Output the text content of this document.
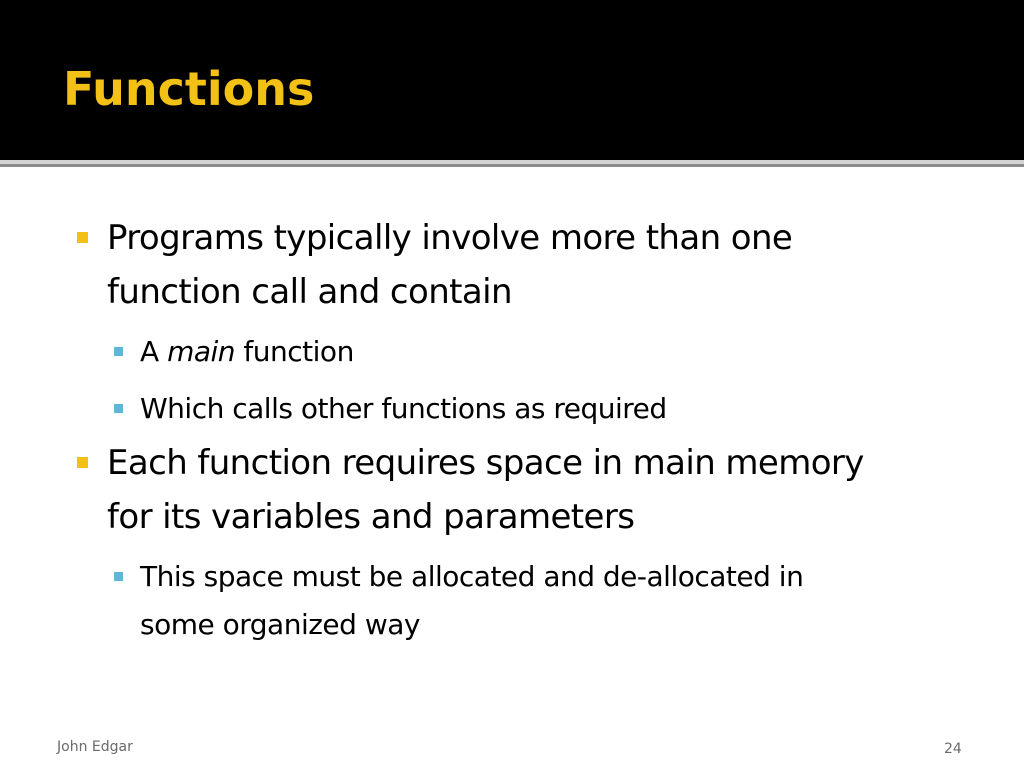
Functions
Programs typically involve more than one
function call and contain
A main function
Which calls other functions as required
Each function requires space in main memory
for its variables and parameters
This space must be allocated and de-allocated in
some organized way
John Edgar	24
